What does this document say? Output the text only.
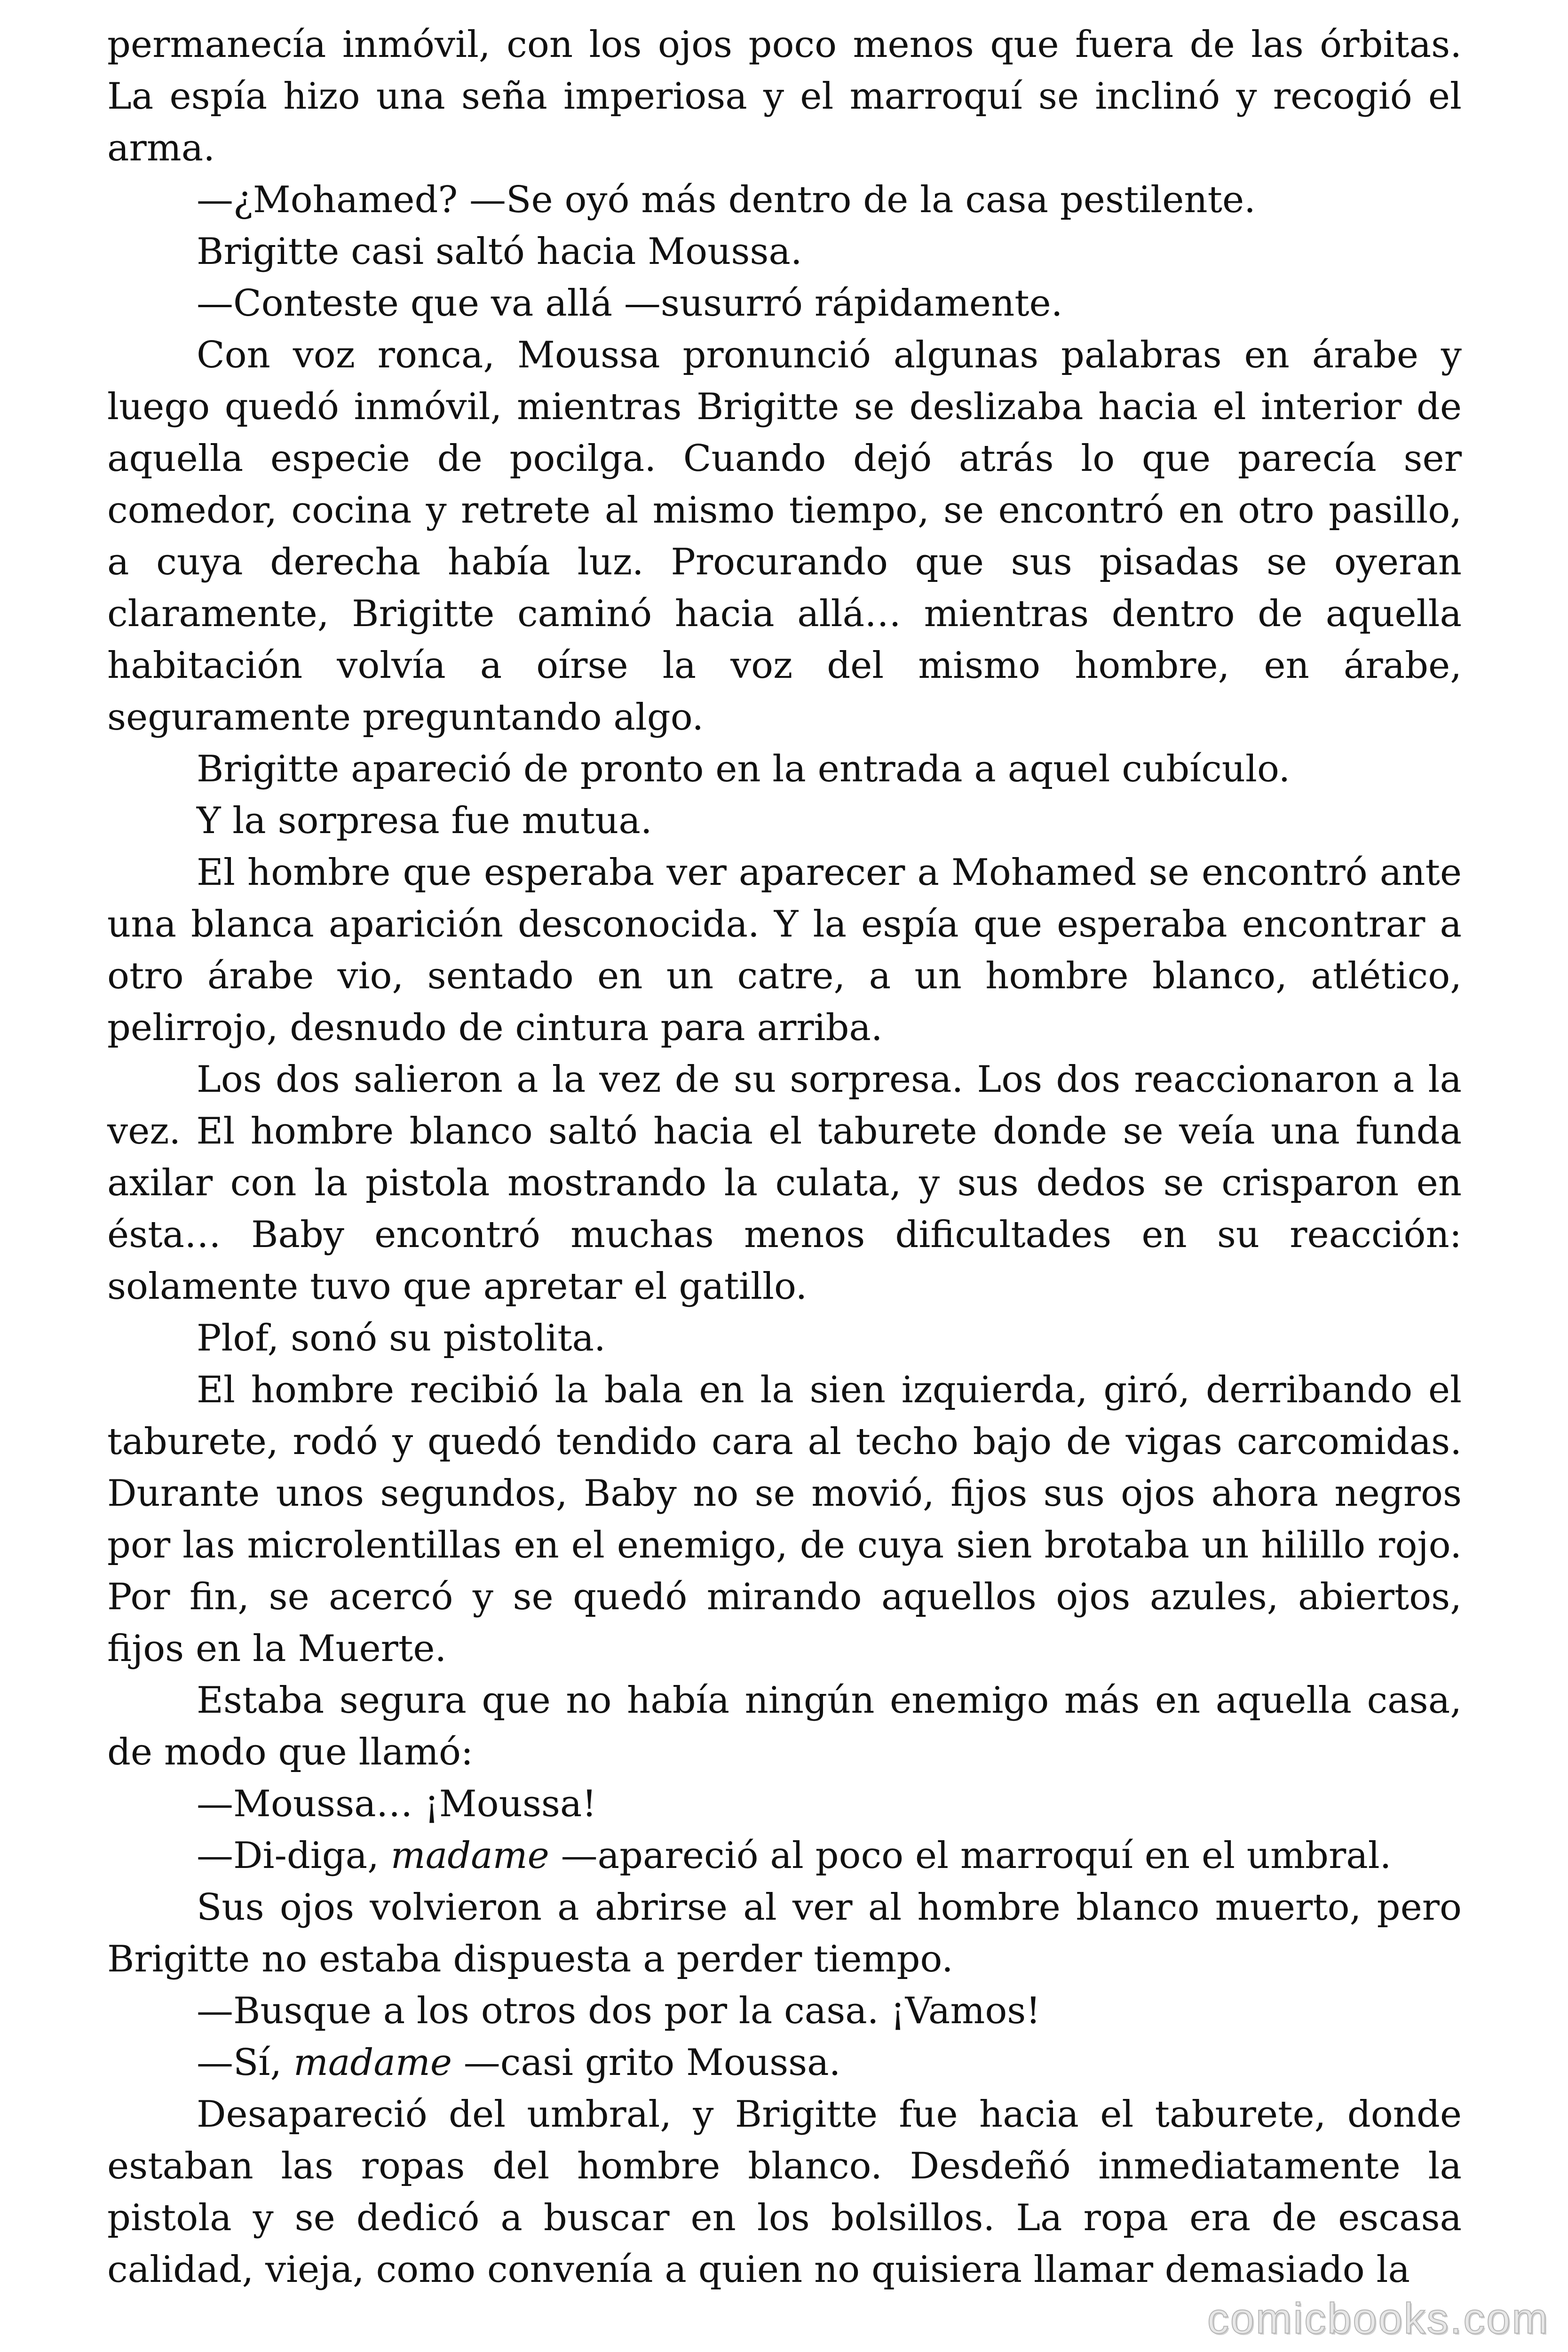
permanecía inmóvil, con los ojos poco menos que fuera de las órbitas. La espía hizo una seña imperiosa y el marroquí se inclinó y recogió el arma.

—¿Mohamed? —Se oyó más dentro de la casa pestilente.

Brigitte casi saltó hacia Moussa.

—Conteste que va allá —susurró rápidamente.

Con voz ronca, Moussa pronunció algunas palabras en árabe y luego quedó inmóvil, mientras Brigitte se deslizaba hacia el interior de aquella especie de pocilga. Cuando dejó atrás lo que parecía ser comedor, cocina y retrete al mismo tiempo, se encontró en otro pasillo, a cuya derecha había luz. Procurando que sus pisadas se oyeran claramente, Brigitte caminó hacia allá… mientras dentro de aquella habitación volvía a oírse la voz del mismo hombre, en árabe, seguramente preguntando algo.

Brigitte apareció de pronto en la entrada a aquel cubículo.

Y la sorpresa fue mutua.

El hombre que esperaba ver aparecer a Mohamed se encontró ante una blanca aparición desconocida. Y la espía que esperaba encontrar a otro árabe vio, sentado en un catre, a un hombre blanco, atlético, pelirrojo, desnudo de cintura para arriba.

Los dos salieron a la vez de su sorpresa. Los dos reaccionaron a la vez. El hombre blanco saltó hacia el taburete donde se veía una funda axilar con la pistola mostrando la culata, y sus dedos se crisparon en ésta… Baby encontró muchas menos dificultades en su reacción: solamente tuvo que apretar el gatillo.

Plof, sonó su pistolita.

El hombre recibió la bala en la sien izquierda, giró, derribando el taburete, rodó y quedó tendido cara al techo bajo de vigas carcomidas. Durante unos segundos, Baby no se movió, fijos sus ojos ahora negros por las microlentillas en el enemigo, de cuya sien brotaba un hilillo rojo. Por fin, se acercó y se quedó mirando aquellos ojos azules, abiertos, fijos en la Muerte.

Estaba segura que no había ningún enemigo más en aquella casa, de modo que llamó:

—Moussa… ¡Moussa!

—Di-diga, madame —apareció al poco el marroquí en el umbral.

Sus ojos volvieron a abrirse al ver al hombre blanco muerto, pero Brigitte no estaba dispuesta a perder tiempo.

—Busque a los otros dos por la casa. ¡Vamos!

—Sí, madame —casi grito Moussa.

Desapareció del umbral, y Brigitte fue hacia el taburete, donde estaban las ropas del hombre blanco. Desdeñó inmediatamente la pistola y se dedicó a buscar en los bolsillos. La ropa era de escasa calidad, vieja, como convenía a quien no quisiera llamar demasiado la

comicbooks.com
